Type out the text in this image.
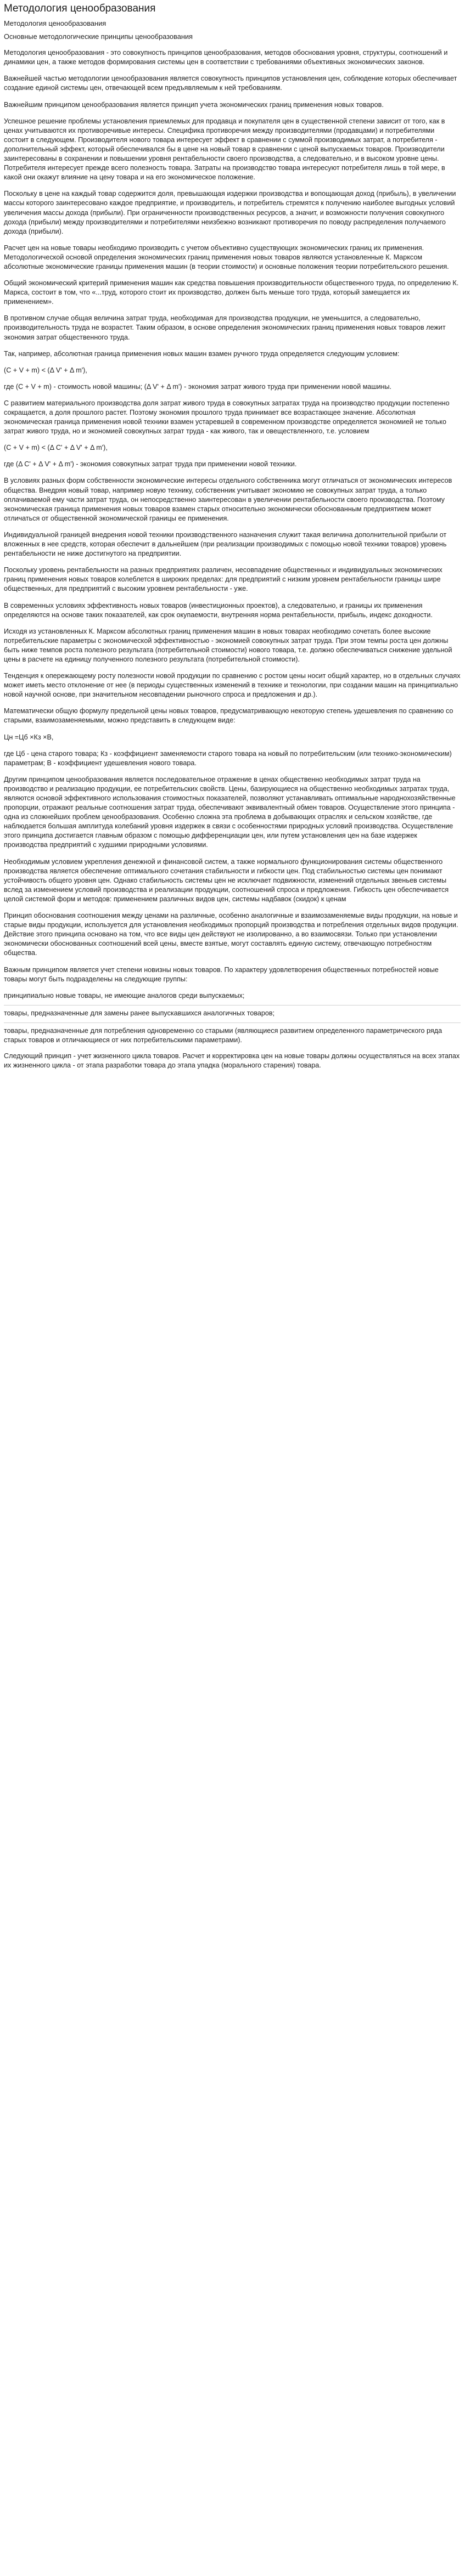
Методология ценообразования
Методология ценообразования
Основные методологические принципы ценообразования

Методология ценообразования - это совокупность принципов ценообразования, методов обоснования уровня, структуры, соотношений и динамики цен, а также методов формирования системы цен в соответствии с требованиями объективных экономических законов.

Важнейшей частью методологии ценообразования является совокупность принципов установления цен, соблюдение которых обеспечивает создание единой системы цен, отвечающей всем предъявляемым к ней требованиям.

Важнейшим принципом ценообразования является принцип учета экономических границ применения новых товаров.

Успешное решение проблемы установления приемлемых для продавца и покупателя цен в существенной степени зависит от того, как в ценах учитываются их противоречивые интересы. Специфика противоречия между производителями (продавцами) и потребителями состоит в следующем. Производителя нового товара интересует эффект в сравнении с суммой производимых затрат, а потребителя - дополнительный эффект, который обеспечивался бы в цене на новый товар в сравнении с ценой выпускаемых товаров. Производители заинтересованы в сохранении и повышении уровня рентабельности своего производства, а следовательно, и в высоком уровне цены. Потребителя интересует прежде всего полезность товара. Затраты на производство товара интересуют потребителя лишь в той мере, в какой они окажут влияние на цену товара и на его экономическое положение.

Поскольку в цене на каждый товар содержится доля, превышающая издержки производства и вопощающая доход (прибыль), в увеличении массы которого заинтересовано каждое предприятие, и производитель, и потребитель стремятся к получению наиболее выгодных условий увеличения массы дохода (прибыли). При ограниченности производственных ресурсов, а значит, и возможности получения совокупного дохода (прибыли) между производителями и потребителями неизбежно возникают противоречия по поводу распределения получаемого дохода (прибыли).

Расчет цен на новые товары необходимо производить с учетом объективно существующих экономических границ их применения. Методологической основой определения экономических границ применения новых товаров являются установленные К. Марксом абсолютные экономические границы применения машин (в теории стоимости) и основные положения теории потребительского решения.

Общий экономический критерий применения машин как средства повышения производительности общественного труда, по определению К. Маркса, состоит в том, что «...труд, которого стоит их производство, должен быть меньше того труда, который замещается их применением».

В противном случае общая величина затрат труда, необходимая для производства продукции, не уменьшится, а следовательно, производительность труда не возрастет. Таким образом, в основе определения экономических границ применения новых товаров лежит экономия затрат общественного труда.

Так, например, абсолютная граница применения новых машин взамен ручного труда определяется следующим условием:

(C + V + m) < (Δ V' + Δ m'),

где (C + V + m) - стоимость новой машины; (Δ V' + Δ m') - экономия затрат живого труда при применении новой машины.

С развитием материального производства доля затрат живого труда в совокупных затратах труда на производство продукции постепенно сокращается, а доля прошлого растет. Поэтому экономия прошлого труда принимает все возрастающее значение. Абсолютная экономическая граница применения новой техники взамен устаревшей в современном производстве определяется экономией не только затрат живого труда, но и экономией совокупных затрат труда - как живого, так и овеществленного, т.е. условием

(C + V + m) < (Δ C' + Δ V' + Δ m'),

где (Δ C' + Δ V' + Δ m') - экономия совокупных затрат труда при применении новой техники.

В условиях разных форм собственности экономические интересы отдельного собственника могут отличаться от экономических интересов общества. Внедряя новый товар, например новую технику, собственник учитывает экономию не совокупных затрат труда, а только оплачиваемой ему части затрат труда, он непосредственно заинтересован в увеличении рентабельности своего производства. Поэтому экономическая граница применения новых товаров взамен старых относительно экономически обоснованным предприятием может отличаться от общественной экономической границы ее применения.

Индивидуальной границей внедрения новой техники производственного назначения служит такая величина дополнительной прибыли от вложенных в нее средств, которая обеспечит в дальнейшем (при реализации производимых с помощью новой техники товаров) уровень рентабельности не ниже достигнутого на предприятии.

Поскольку уровень рентабельности на разных предприятиях различен, несовпадение общественных и индивидуальных экономических границ применения новых товаров колеблется в широких пределах: для предприятий с низким уровнем рентабельности границы шире общественных, для предприятий с высоким уровнем рентабельности - уже.

В современных условиях эффективность новых товаров (инвестиционных проектов), а следовательно, и границы их применения определяются на основе таких показателей, как срок окупаемости, внутренняя норма рентабельности, прибыль, индекс доходности.

Исходя из установленных К. Марксом абсолютных границ применения машин в новых товарах необходимо сочетать более высокие потребительские параметры с экономической эффективностью - экономией совокупных затрат труда. При этом темпы роста цен должны быть ниже темпов роста полезного результата (потребительной стоимости) нового товара, т.е. должно обеспечиваться снижение удельной цены в расчете на единицу полученного полезного результата (потребительной стоимости).

Тенденция к опережающему росту полезности новой продукции по сравнению с ростом цены носит общий характер, но в отдельных случаях может иметь место отклонение от нее (в периоды существенных изменений в технике и технологии, при создании машин на принципиально новой научной основе, при значительном несовпадении рыночного спроса и предложения и др.).

Математически общую формулу предельной цены новых товаров, предусматривающую некоторую степень удешевления по сравнению со старыми, взаимозаменяемыми, можно представить в следующем виде:

Цн =Цб ×Кз ×В,

где Цб - цена старого товара; Кз - коэффициент заменяемости старого товара на новый по потребительским (или технико-экономическим) параметрам; В - коэффициент удешевления нового товара.

Другим принципом ценообразования является последовательное отражение в ценах общественно необходимых затрат труда на производство и реализацию продукции, ее потребительских свойств. Цены, базирующиеся на общественно необходимых затратах труда, являются основой эффективного использования стоимостных показателей, позволяют устанавливать оптимальные народнохозяйственные пропорции, отражают реальные соотношения затрат труда, обеспечивают эквивалентный обмен товаров. Осуществление этого принципа - одна из сложнейших проблем ценообразования. Особенно сложна эта проблема в добывающих отраслях и сельском хозяйстве, где наблюдается большая амплитуда колебаний уровня издержек в связи с особенностями природных условий производства. Осуществление этого принципа достигается главным образом с помощью дифференциации цен, или путем установления цен на базе издержек производства предприятий с худшими природными условиями.

Необходимым условием укрепления денежной и финансовой систем, а также нормального функционирования системы общественного производства является обеспечение оптимального сочетания стабильности и гибкости цен. Под стабильностью системы цен понимают устойчивость общего уровня цен. Однако стабильность системы цен не исключает подвижности, изменений отдельных звеньев системы вслед за изменением условий производства и реализации продукции, соотношений спроса и предложения. Гибкость цен обеспечивается целой системой форм и методов: применением различных видов цен, системы надбавок (скидок) к ценам

Принцип обоснования соотношения между ценами на различные, особенно аналогичные и взаимозаменяемые виды продукции, на новые и старые виды продукции, используется для установления необходимых пропорций производства и потребления отдельных видов продукции. Действие этого принципа основано на том, что все виды цен действуют не изолированно, а во взаимосвязи. Только при установлении экономически обоснованных соотношений всей цены, вместе взятые, могут составлять единую систему, отвечающую потребностям общества.

Важным принципом является учет степени новизны новых товаров. По характеру удовлетворения общественных потребностей новые товары могут быть подразделены на следующие группы:

принципиально новые товары, не имеющие аналогов среди выпускаемых;
товары, предназначенные для замены ранее выпускавшихся аналогичных товаров;
товары, предназначенные для потребления одновременно со старыми (являющиеся развитием определенного параметрического ряда старых товаров и отличающиеся от них потребительскими параметрами).

Следующий принцип - учет жизненного цикла товаров. Расчет и корректировка цен на новые товары должны осуществляться на всех этапах их жизненного цикла - от этапа разработки товара до этапа упадка (морального старения) товара.
